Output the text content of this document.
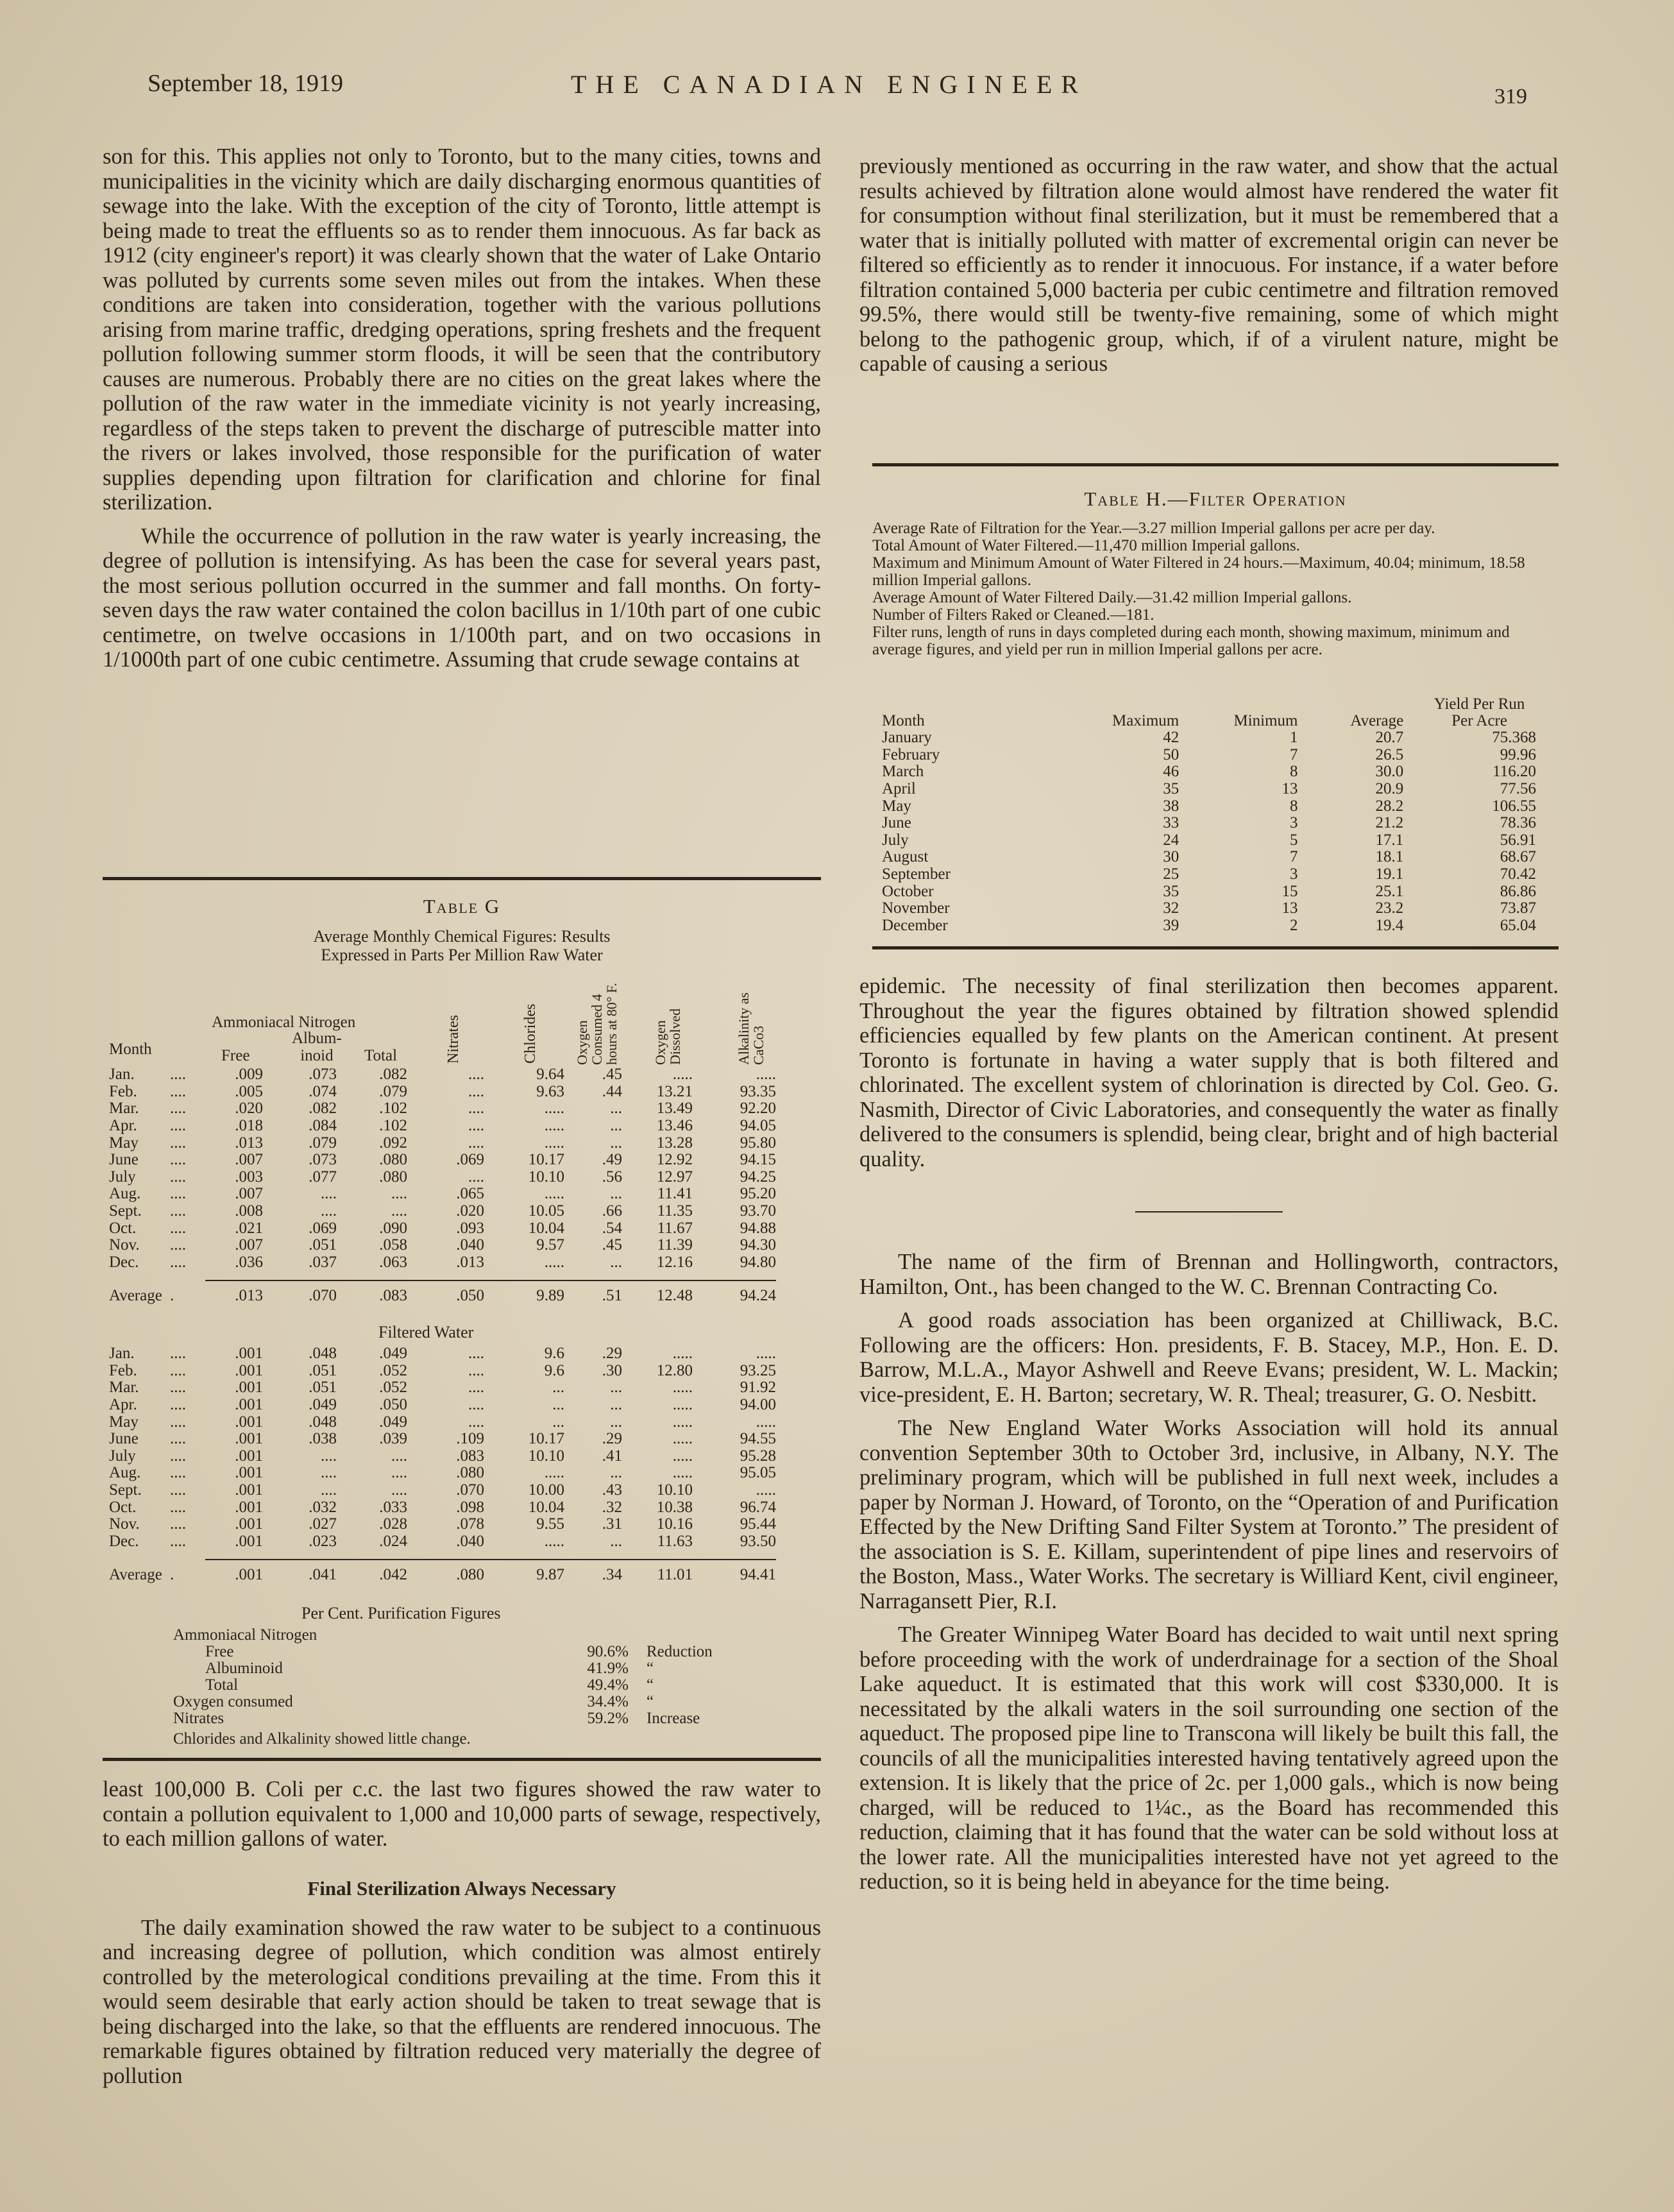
September 18, 1919	THE CANADIAN ENGINEER	319

son for this. This applies not only to Toronto, but to the many cities, towns and municipalities in the vicinity which are daily discharging enormous quantities of sewage into the lake. With the exception of the city of Toronto, little attempt is being made to treat the effluents so as to render them innocuous. As far back as 1912 (city engineer's report) it was clearly shown that the water of Lake Ontario was polluted by currents some seven miles out from the intakes. When these conditions are taken into consideration, together with the various pollutions arising from marine traffic, dredging operations, spring freshets and the frequent pollution following summer storm floods, it will be seen that the contributory causes are numerous. Probably there are no cities on the great lakes where the pollution of the raw water in the immediate vicinity is not yearly increasing, regardless of the steps taken to prevent the discharge of putrescible matter into the rivers or lakes involved, those responsible for the purification of water supplies depending upon filtration for clarification and chlorine for final sterilization.

While the occurrence of pollution in the raw water is yearly increasing, the degree of pollution is intensifying. As has been the case for several years past, the most serious pollution occurred in the summer and fall months. On forty-seven days the raw water contained the colon bacillus in 1/10th part of one cubic centimetre, on twelve occasions in 1/100th part, and on two occasions in 1/1000th part of one cubic centimetre. Assuming that crude sewage contains at

Table G
Average Monthly Chemical Figures: Results Expressed in Parts Per Million Raw Water
Ammoniacal Nitrogen
Month	Free
Album-
inoid	Total	Nitrates	Chlorides	Oxygen Consumed 4 hours at 80° F.	Oxygen Dissolved	Alkalinity as CaCo3
Jan.	....	.009	.073	.082	....	9.64	.45	.....	.....
Feb.	....	.005	.074	.079	....	9.63	.44	13.21	93.35
Mar.	....	.020	.082	.102	....	.....	...	13.49	92.20
Apr.	....	.018	.084	.102	....	.....	...	13.46	94.05
May	....	.013	.079	.092	....	.....	...	13.28	95.80
June	....	.007	.073	.080	.069	10.17	.49	12.92	94.15
July	....	.003	.077	.080	....	10.10	.56	12.97	94.25
Aug.	....	.007	....	....	.065	.....	...	11.41	95.20
Sept.	....	.008	....	....	.020	10.05	.66	11.35	93.70
Oct.	....	.021	.069	.090	.093	10.04	.54	11.67	94.88
Nov.	....	.007	.051	.058	.040	9.57	.45	11.39	94.30
Dec.	....	.036	.037	.063	.013	.....	...	12.16	94.80
Average	.	.013	.070	.083	.050	9.89	.51	12.48	94.24
Filtered Water
Jan.	....	.001	.048	.049	....	9.6	.29	.....	.....
Feb.	....	.001	.051	.052	....	9.6	.30	12.80	93.25
Mar.	....	.001	.051	.052	....	...	...	.....	91.92
Apr.	....	.001	.049	.050	....	...	...	.....	94.00
May	....	.001	.048	.049	....	...	...	.....	.....
June	....	.001	.038	.039	.109	10.17	.29	.....	94.55
July	....	.001	....	....	.083	10.10	.41	.....	95.28
Aug.	....	.001	....	....	.080	.....	...	.....	95.05
Sept.	....	.001	....	....	.070	10.00	.43	10.10	.....
Oct.	....	.001	.032	.033	.098	10.04	.32	10.38	96.74
Nov.	....	.001	.027	.028	.078	9.55	.31	10.16	95.44
Dec.	....	.001	.023	.024	.040	.....	...	11.63	93.50
Average	.	.001	.041	.042	.080	9.87	.34	11.01	94.41
Per Cent. Purification Figures
Ammoniacal Nitrogen
Free	90.6%	Reduction
Albuminoid	41.9%	“
Total	49.4%	“
Oxygen consumed	34.4%	“
Nitrates	59.2%	Increase
Chlorides and Alkalinity showed little change.

least 100,000 B. Coli per c.c. the last two figures showed the raw water to contain a pollution equivalent to 1,000 and 10,000 parts of sewage, respectively, to each million gallons of water.

Final Sterilization Always Necessary

The daily examination showed the raw water to be subject to a continuous and increasing degree of pollution, which condition was almost entirely controlled by the meterological conditions prevailing at the time. From this it would seem desirable that early action should be taken to treat sewage that is being discharged into the lake, so that the effluents are rendered innocuous. The remarkable figures obtained by filtration reduced very materially the degree of pollution

previously mentioned as occurring in the raw water, and show that the actual results achieved by filtration alone would almost have rendered the water fit for consumption without final sterilization, but it must be remembered that a water that is initially polluted with matter of excremental origin can never be filtered so efficiently as to render it innocuous. For instance, if a water before filtration contained 5,000 bacteria per cubic centimetre and filtration removed 99.5%, there would still be twenty-five remaining, some of which might belong to the pathogenic group, which, if of a virulent nature, might be capable of causing a serious

Table H.—Filter Operation
Average Rate of Filtration for the Year.—3.27 million Imperial gallons per acre per day.
Total Amount of Water Filtered.—11,470 million Imperial gallons.
Maximum and Minimum Amount of Water Filtered in 24 hours.—Maximum, 40.04; minimum, 18.58 million Imperial gallons.
Average Amount of Water Filtered Daily.—31.42 million Imperial gallons.
Number of Filters Raked or Cleaned.—181.
Filter runs, length of runs in days completed during each month, showing maximum, minimum and average figures, and yield per run in million Imperial gallons per acre.
Month	Maximum	Minimum	Average	Yield Per Run
Per Acre
January	42	1	20.7	75.368
February	50	7	26.5	99.96
March	46	8	30.0	116.20
April	35	13	20.9	77.56
May	38	8	28.2	106.55
June	33	3	21.2	78.36
July	24	5	17.1	56.91
August	30	7	18.1	68.67
September	25	3	19.1	70.42
October	35	15	25.1	86.86
November	32	13	23.2	73.87
December	39	2	19.4	65.04

epidemic. The necessity of final sterilization then becomes apparent. Throughout the year the figures obtained by filtration showed splendid efficiencies equalled by few plants on the American continent. At present Toronto is fortunate in having a water supply that is both filtered and chlorinated. The excellent system of chlorination is directed by Col. Geo. G. Nasmith, Director of Civic Laboratories, and consequently the water as finally delivered to the consumers is splendid, being clear, bright and of high bacterial quality.

The name of the firm of Brennan and Hollingworth, contractors, Hamilton, Ont., has been changed to the W. C. Brennan Contracting Co.

A good roads association has been organized at Chilliwack, B.C. Following are the officers: Hon. presidents, F. B. Stacey, M.P., Hon. E. D. Barrow, M.L.A., Mayor Ashwell and Reeve Evans; president, W. L. Mackin; vice-president, E. H. Barton; secretary, W. R. Theal; treasurer, G. O. Nesbitt.

The New England Water Works Association will hold its annual convention September 30th to October 3rd, inclusive, in Albany, N.Y. The preliminary program, which will be published in full next week, includes a paper by Norman J. Howard, of Toronto, on the “Operation of and Purification Effected by the New Drifting Sand Filter System at Toronto.” The president of the association is S. E. Killam, superintendent of pipe lines and reservoirs of the Boston, Mass., Water Works. The secretary is Williard Kent, civil engineer, Narragansett Pier, R.I.

The Greater Winnipeg Water Board has decided to wait until next spring before proceeding with the work of underdrainage for a section of the Shoal Lake aqueduct. It is estimated that this work will cost $330,000. It is necessitated by the alkali waters in the soil surrounding one section of the aqueduct. The proposed pipe line to Transcona will likely be built this fall, the councils of all the municipalities interested having tentatively agreed upon the extension. It is likely that the price of 2c. per 1,000 gals., which is now being charged, will be reduced to 1¼c., as the Board has recommended this reduction, claiming that it has found that the water can be sold without loss at the lower rate. All the municipalities interested have not yet agreed to the reduction, so it is being held in abeyance for the time being.
